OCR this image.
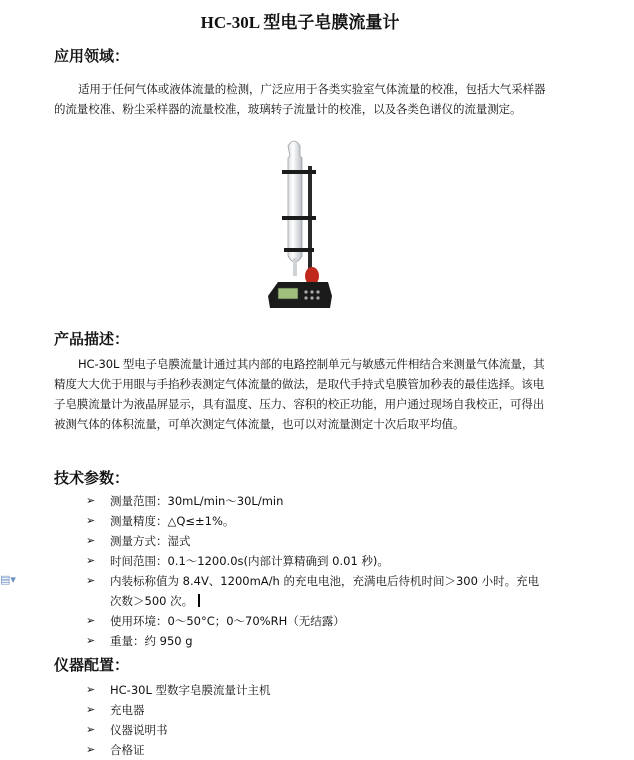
HC-30L 型电子皂膜流量计
应用领域：

适用于任何气体或液体流量的检测，广泛应用于各类实验室气体流量的校准，包括大气采样器的流量校准、粉尘采样器的流量校准，玻璃转子流量计的校准，以及各类色谱仪的流量测定。

产品描述：

HC-30L 型电子皂膜流量计通过其内部的电路控制单元与敏感元件相结合来测量气体流量，其精度大大优于用眼与手掐秒表测定气体流量的做法，是取代手持式皂膜管加秒表的最佳选择。该电子皂膜流量计为液晶屏显示，具有温度、压力、容积的校正功能，用户通过现场自我校正，可得出被测气体的体积流量，可单次测定气体流量，也可以对流量测定十次后取平均值。

技术参数：
➢ 测量范围：30mL/min～30L/min
➢ 测量精度：△Q≤±1%。
➢ 测量方式：湿式
➢ 时间范围：0.1～1200.0s(内部计算精确到 0.01 秒)。
➢ 内装标称值为 8.4V、1200mA/h 的充电电池，充满电后待机时间＞300 小时。充电次数＞500 次。
➢ 使用环境：0～50°C；0～70%RH（无结露）
➢ 重量：约 950 g
仪器配置：
➢ HC-30L 型数字皂膜流量计主机
➢ 充电器
➢ 仪器说明书
➢ 合格证
▤▾
